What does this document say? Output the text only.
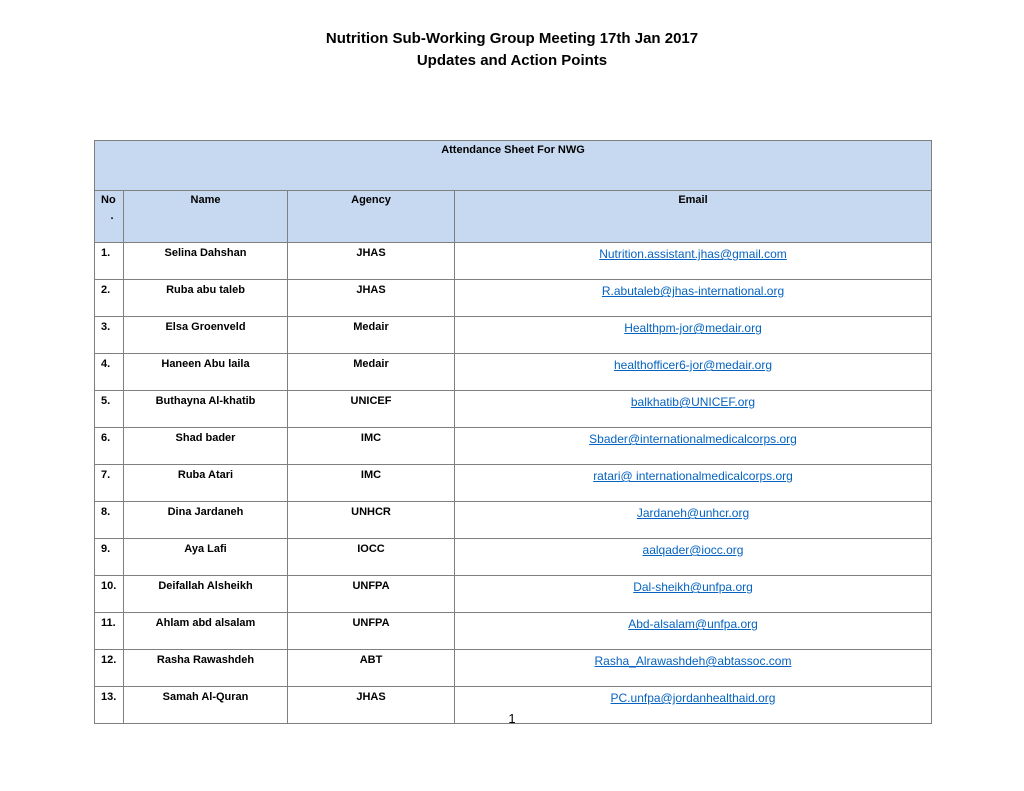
Nutrition Sub-Working Group Meeting 17th Jan 2017
Updates and Action Points
Attendance Sheet For NWG			
No
.	Name	Agency	Email
1.	Selina Dahshan	JHAS	Nutrition.assistant.jhas@gmail.com
2.	Ruba abu taleb	JHAS	R.abutaleb@jhas-international.org
3.	Elsa Groenveld	Medair	Healthpm-jor@medair.org
4.	Haneen Abu laila	Medair	healthofficer6-jor@medair.org
5.	Buthayna Al-khatib	UNICEF	balkhatib@UNICEF.org
6.	Shad bader	IMC	Sbader@internationalmedicalcorps.org
7.	Ruba Atari	IMC	ratari@ internationalmedicalcorps.org
8.	Dina Jardaneh	UNHCR	Jardaneh@unhcr.org
9.	Aya Lafi	IOCC	aalqader@iocc.org
10.	Deifallah Alsheikh	UNFPA	Dal-sheikh@unfpa.org
11.	Ahlam abd alsalam	UNFPA	Abd-alsalam@unfpa.org
12.	Rasha Rawashdeh	ABT	Rasha_Alrawashdeh@abtassoc.com
13.	Samah Al-Quran	JHAS	PC.unfpa@jordanhealthaid.org
1
